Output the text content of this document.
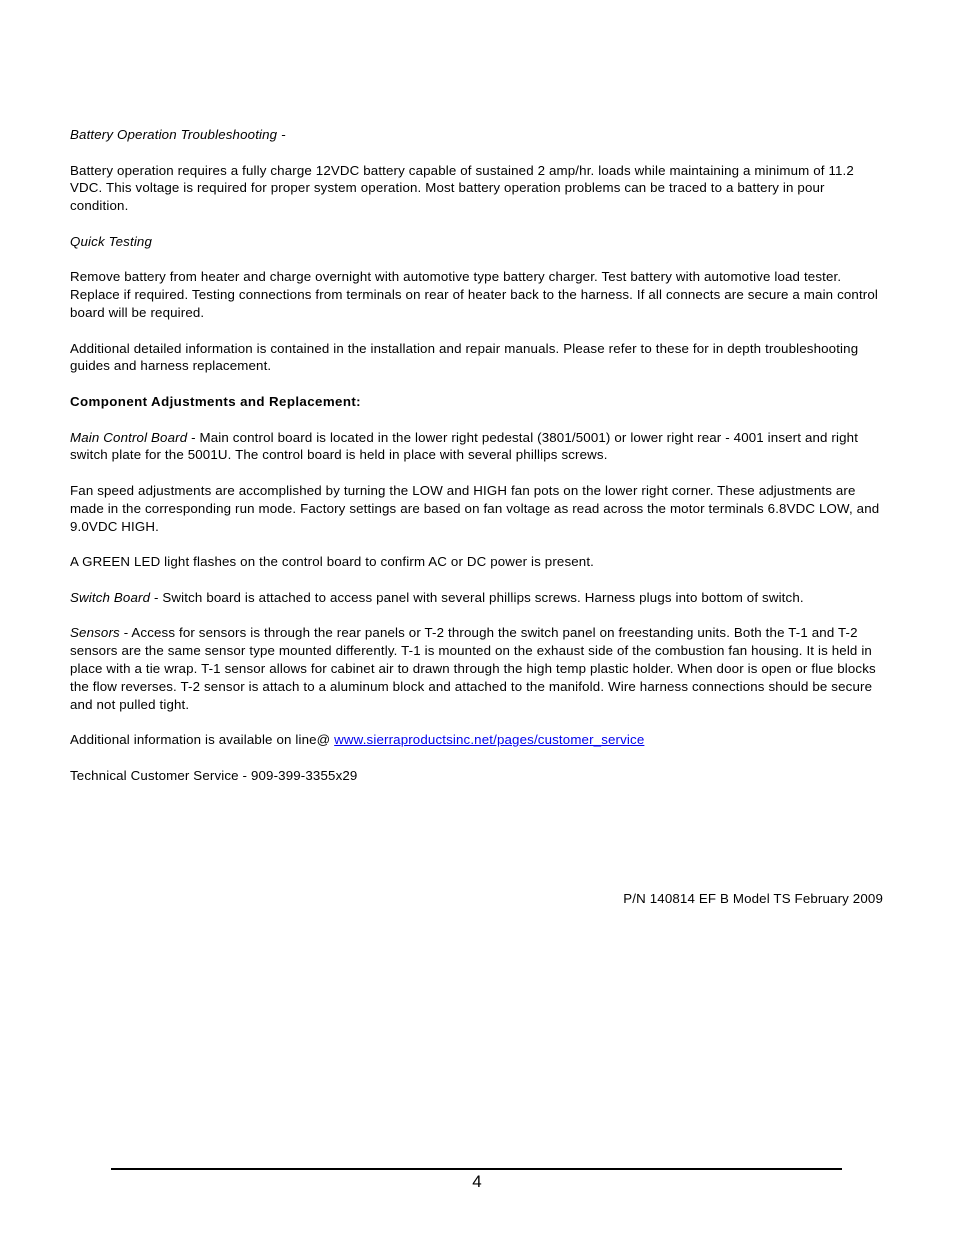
Battery Operation Troubleshooting -

Battery operation requires a fully charge 12VDC battery capable of sustained 2 amp/hr. loads while maintaining a minimum of 11.2 VDC. This voltage is required for proper system operation. Most battery operation problems can be traced to a battery in pour condition.

Quick Testing

Remove battery from heater and charge overnight with automotive type battery charger. Test battery with automotive load tester. Replace if required. Testing connections from terminals on rear of heater back to the harness. If all connects are secure a main control board will be required.

Additional detailed information is contained in the installation and repair manuals. Please refer to these for in depth troubleshooting guides and harness replacement.

Component Adjustments and Replacement:

Main Control Board - Main control board is located in the lower right pedestal (3801/5001) or lower right rear - 4001 insert and right switch plate for the 5001U. The control board is held in place with several phillips screws.

Fan speed adjustments are accomplished by turning the LOW and HIGH fan pots on the lower right corner. These adjustments are made in the corresponding run mode. Factory settings are based on fan voltage as read across the motor terminals 6.8VDC LOW, and 9.0VDC HIGH.

A GREEN LED light flashes on the control board to confirm AC or DC power is present.

Switch Board - Switch board is attached to access panel with several phillips screws. Harness plugs into bottom of switch.

Sensors - Access for sensors is through the rear panels or T-2 through the switch panel on freestanding units. Both the T-1 and T-2 sensors are the same sensor type mounted differently. T-1 is mounted on the exhaust side of the combustion fan housing. It is held in place with a tie wrap. T-1 sensor allows for cabinet air to drawn through the high temp plastic holder. When door is open or flue blocks the flow reverses. T-2 sensor is attach to a aluminum block and attached to the manifold. Wire harness connections should be secure and not pulled tight.

Additional information is available on line@ www.sierraproductsinc.net/pages/customer_service

Technical Customer Service - 909-399-3355x29

P/N 140814 EF B Model TS February 2009
4
